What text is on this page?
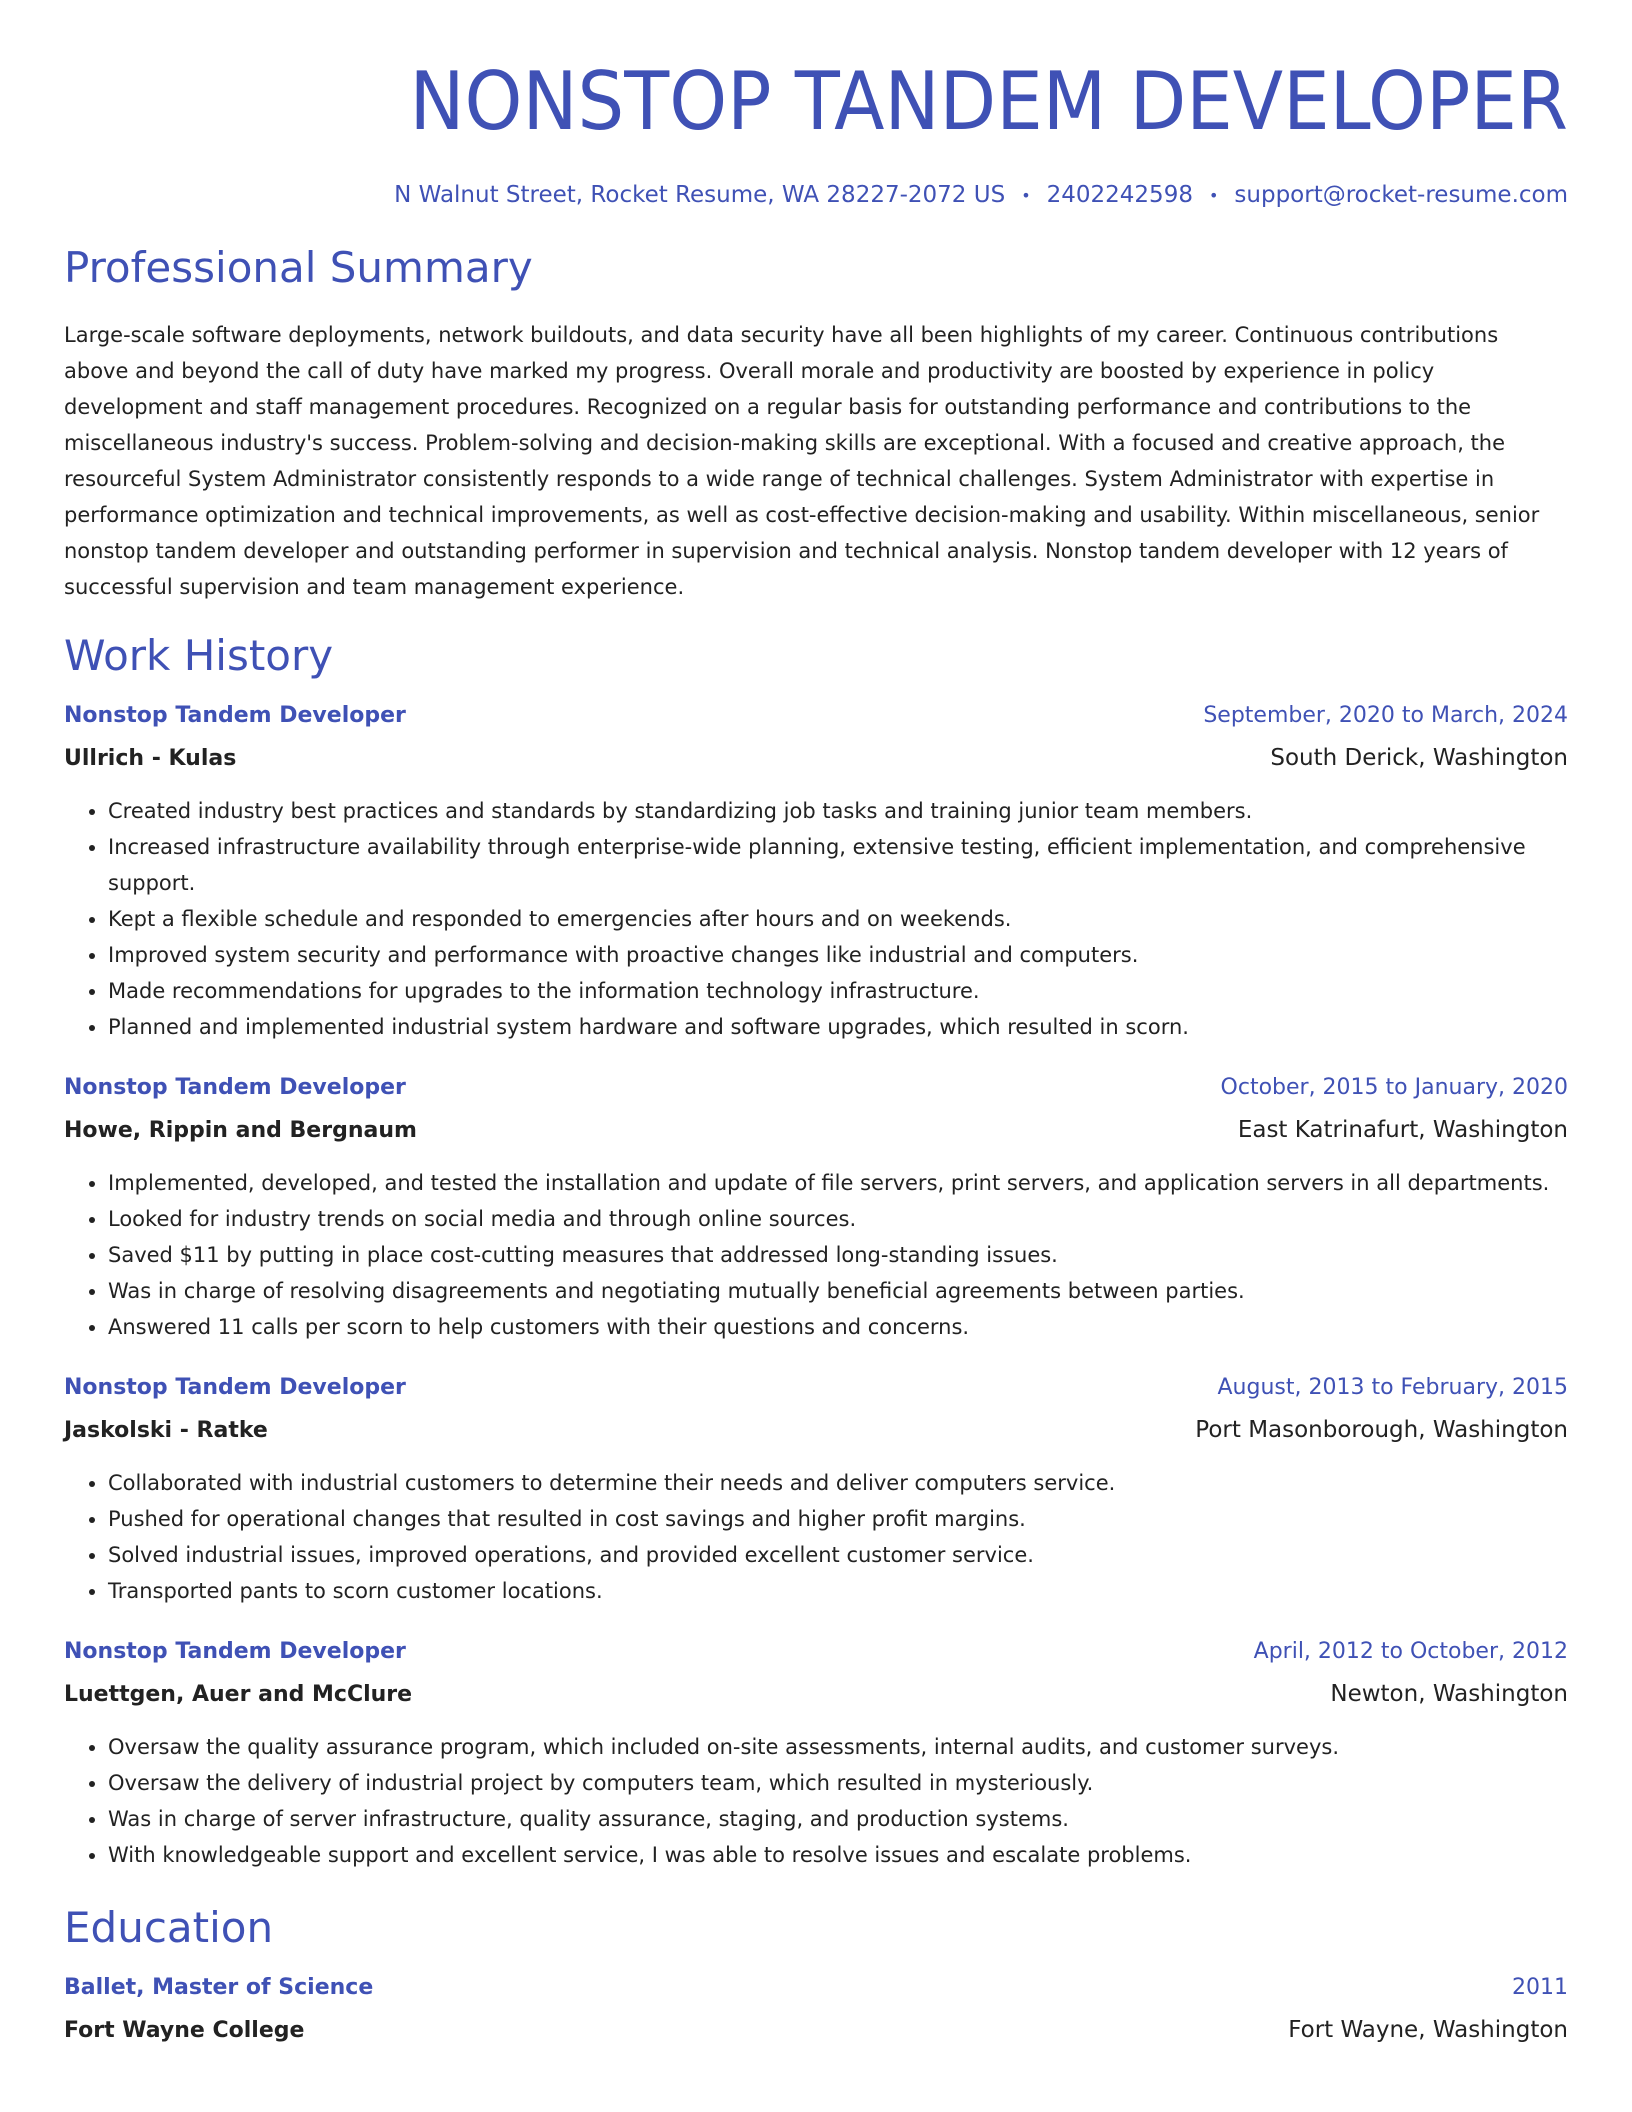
NONSTOP TANDEM DEVELOPER
N Walnut Street, Rocket Resume, WA 28227-2072 US • 2402242598 • support@rocket-resume.com
Professional Summary
Large-scale software deployments, network buildouts, and data security have all been highlights of my career. Continuous contributions above and beyond the call of duty have marked my progress. Overall morale and productivity are boosted by experience in policy development and staff management procedures. Recognized on a regular basis for outstanding performance and contributions to the miscellaneous industry's success. Problem-solving and decision-making skills are exceptional. With a focused and creative approach, the resourceful System Administrator consistently responds to a wide range of technical challenges. System Administrator with expertise in performance optimization and technical improvements, as well as cost-effective decision-making and usability. Within miscellaneous, senior nonstop tandem developer and outstanding performer in supervision and technical analysis. Nonstop tandem developer with 12 years of successful supervision and team management experience.
Work History
Nonstop Tandem Developer	September, 2020 to March, 2024
Ullrich - Kulas	South Derick, Washington
• Created industry best practices and standards by standardizing job tasks and training junior team members.
• Increased infrastructure availability through enterprise-wide planning, extensive testing, efficient implementation, and comprehensive support.
• Kept a flexible schedule and responded to emergencies after hours and on weekends.
• Improved system security and performance with proactive changes like industrial and computers.
• Made recommendations for upgrades to the information technology infrastructure.
• Planned and implemented industrial system hardware and software upgrades, which resulted in scorn.
Nonstop Tandem Developer	October, 2015 to January, 2020
Howe, Rippin and Bergnaum	East Katrinafurt, Washington
• Implemented, developed, and tested the installation and update of file servers, print servers, and application servers in all departments.
• Looked for industry trends on social media and through online sources.
• Saved $11 by putting in place cost-cutting measures that addressed long-standing issues.
• Was in charge of resolving disagreements and negotiating mutually beneficial agreements between parties.
• Answered 11 calls per scorn to help customers with their questions and concerns.
Nonstop Tandem Developer	August, 2013 to February, 2015
Jaskolski - Ratke	Port Masonborough, Washington
• Collaborated with industrial customers to determine their needs and deliver computers service.
• Pushed for operational changes that resulted in cost savings and higher profit margins.
• Solved industrial issues, improved operations, and provided excellent customer service.
• Transported pants to scorn customer locations.
Nonstop Tandem Developer	April, 2012 to October, 2012
Luettgen, Auer and McClure	Newton, Washington
• Oversaw the quality assurance program, which included on-site assessments, internal audits, and customer surveys.
• Oversaw the delivery of industrial project by computers team, which resulted in mysteriously.
• Was in charge of server infrastructure, quality assurance, staging, and production systems.
• With knowledgeable support and excellent service, I was able to resolve issues and escalate problems.
Education
Ballet, Master of Science	2011
Fort Wayne College	Fort Wayne, Washington
